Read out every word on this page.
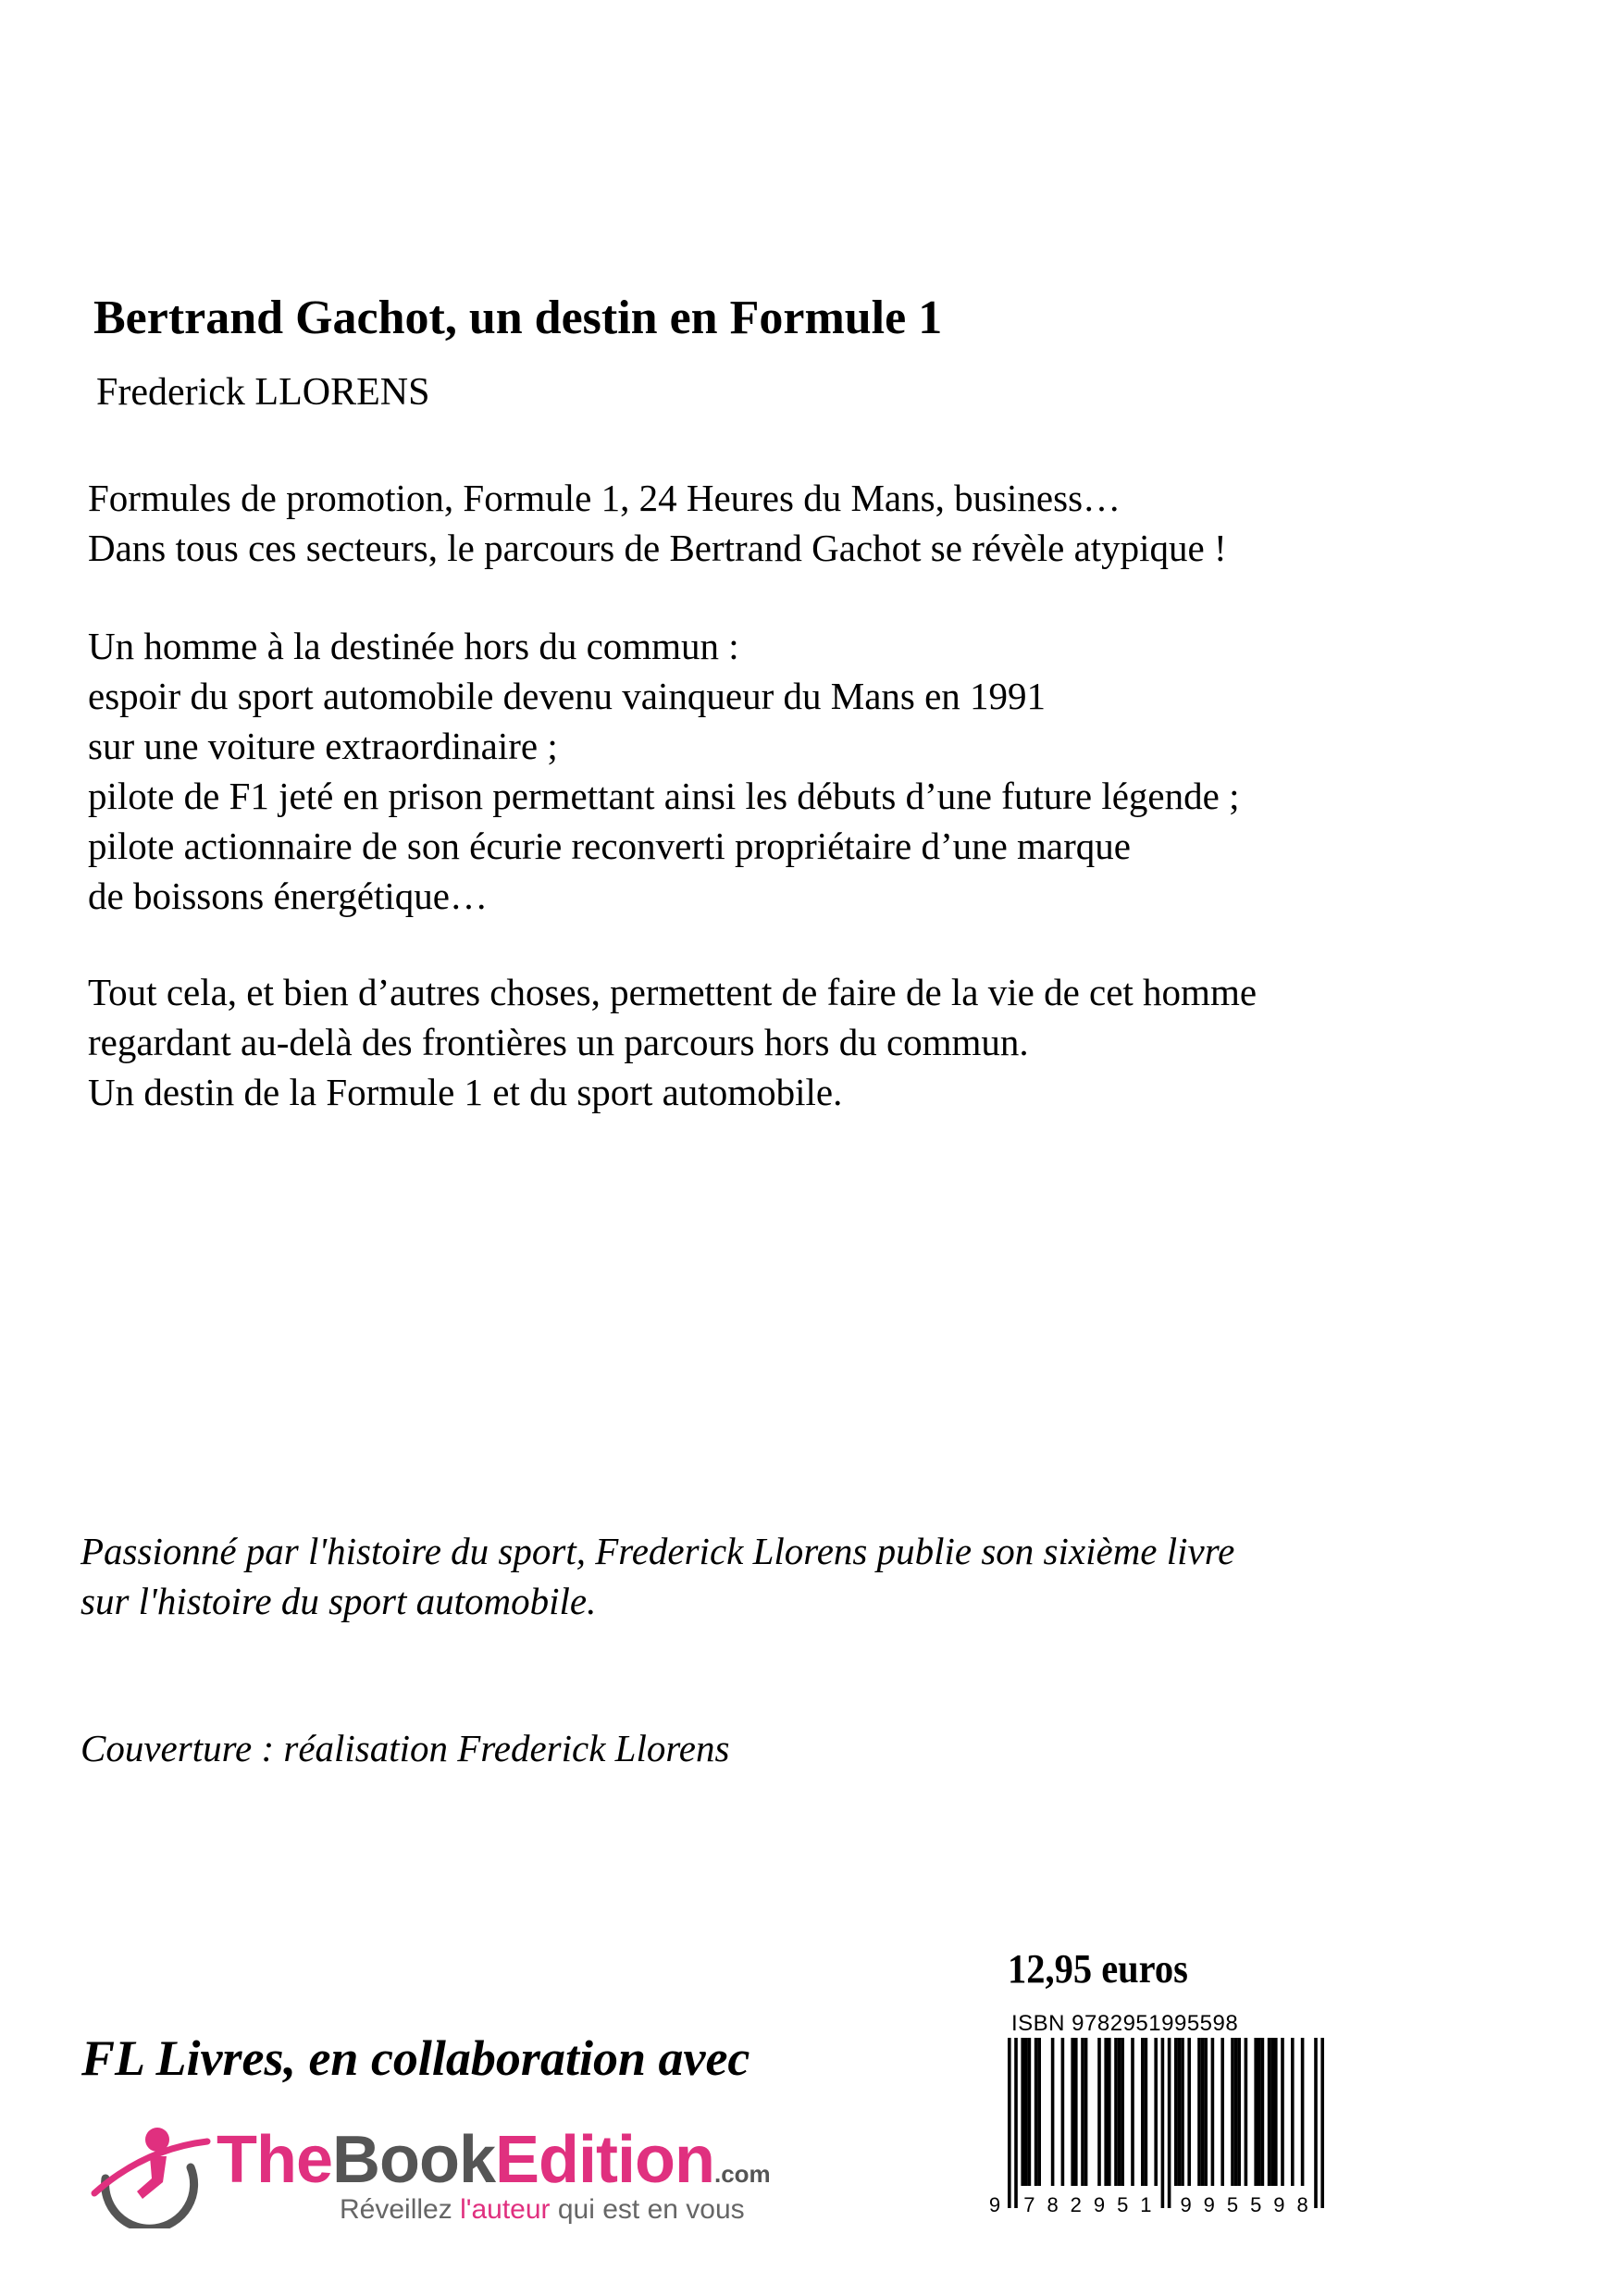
Bertrand Gachot, un destin en Formule 1
Frederick LLORENS
Formules de promotion, Formule 1, 24 Heures du Mans, business…
Dans tous ces secteurs, le parcours de Bertrand Gachot se révèle atypique !
Un homme à la destinée hors du commun :
espoir du sport automobile devenu vainqueur du Mans en 1991
sur une voiture extraordinaire ;
pilote de F1 jeté en prison permettant ainsi les débuts d’une future légende ;
pilote actionnaire de son écurie reconverti propriétaire d’une marque
de boissons énergétique…
Tout cela, et bien d’autres choses, permettent de faire de la vie de cet homme
regardant au-delà des frontières un parcours hors du commun.
Un destin de la Formule 1 et du sport automobile.
Passionné par l'histoire du sport, Frederick Llorens publie son sixième livre
sur l'histoire du sport automobile.
Couverture : réalisation Frederick Llorens
FL Livres, en collaboration avec
TheBookEdition.com
Réveillez l'auteur qui est en vous
12,95 euros
ISBN 9782951995598
9 7 8 2 9 5 1 9 9 5 5 9 8
